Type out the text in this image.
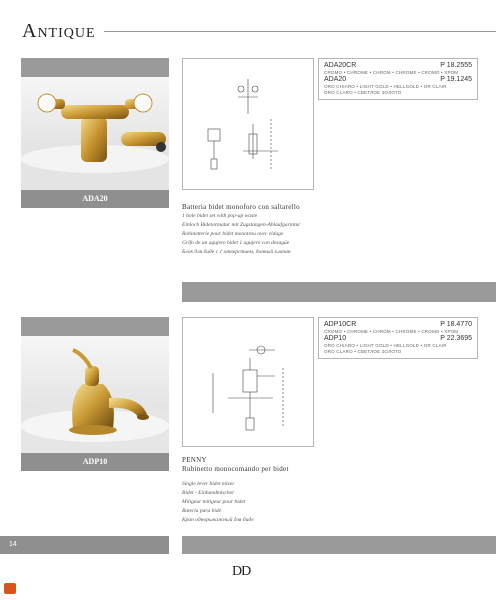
Antique
ADA20
ADA20CR	P 18.2555
CROMO • CHROME • CHROM • CHROME • CROMO • ХРОМ
ADA20	P 19.1245
ORO CHIARO • LIGHT GOLD • HELLGOLD • OR CLAIR
ORO CLARO • СВЕТЛОЕ ЗОЛОТО
Batteria bidet monoforo con saltarello
1 hole bidet set with pop-up waste
Einloch Bidetarmatur mit Zugstangen-Ablaufgarnitur
Robinetterie pour bidet monotrou avec vidage
Grifo de un agujero bidet 1 agujero con desagüe
Блок для биде с 1 отверстием, донный клапан
ADP10
ADP10CR	P 18.4770
CROMO • CHROME • CHROM • CHROME • CROMO • ХРОМ
ADP10	P 22.3695
ORO CHIARO • LIGHT GOLD • HELLGOLD • OR CLAIR
ORO CLARO • СВЕТЛОЕ ЗОЛОТО
PENNY
Rubinetto monocomando per bidet
Single lever bidet mixer
Bidet - Einhandmischer
Mitigeur mitigeur pour bidet
Batería para bidé
Кран однорычажный для биде
14
DD
